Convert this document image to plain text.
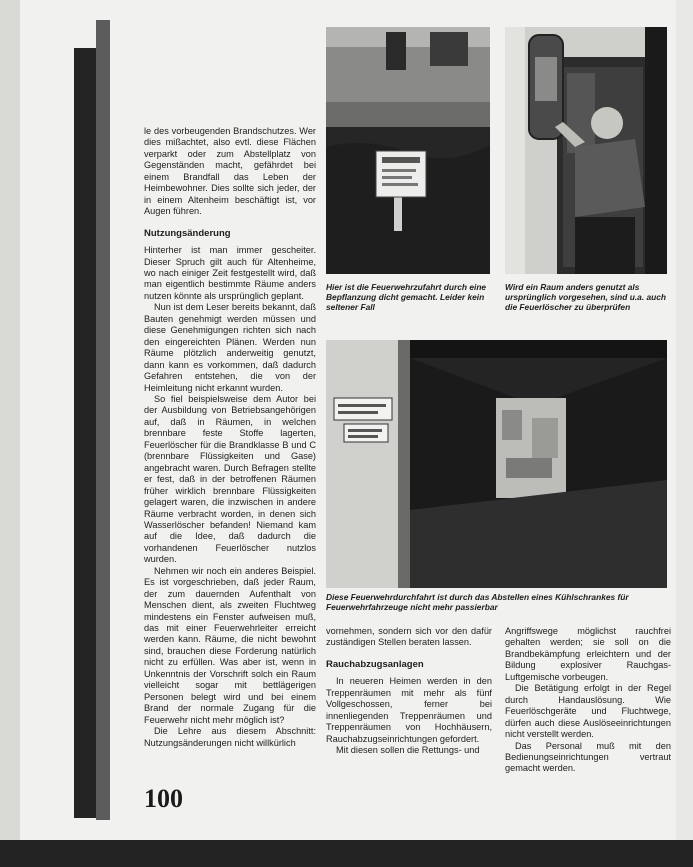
le des vorbeugenden Brandschutzes. Wer dies mißachtet, also evtl. diese Flächen verparkt oder zum Abstellplatz von Gegenständen macht, gefährdet bei einem Brandfall das Leben der Heimbewohner. Dies sollte sich jeder, der in einem Altenheim beschäftigt ist, vor Augen führen.

Nutzungsänderung

Hinterher ist man immer gescheiter. Dieser Spruch gilt auch für Altenheime, wo nach einiger Zeit festgestellt wird, daß man eigentlich bestimmte Räume anders nutzen könnte als ursprünglich geplant.

Nun ist dem Leser bereits bekannt, daß Bauten genehmigt werden müssen und diese Genehmigungen richten sich nach den eingereichten Plänen. Werden nun Räume plötzlich anderweitig genutzt, dann kann es vorkommen, daß dadurch Gefahren entstehen, die von der Heimleitung nicht erkannt wurden.

So fiel beispielsweise dem Autor bei der Ausbildung von Betriebsangehörigen auf, daß in Räumen, in welchen brennbare feste Stoffe lagerten, Feuerlöscher für die Brandklasse B und C (brennbare Flüssigkeiten und Gase) angebracht waren. Durch Befragen stellte er fest, daß in der betroffenen Räumen früher wirklich brennbare Flüssigkeiten gelagert waren, die inzwischen in andere Räume verbracht worden, in denen sich Wasserlöscher befanden! Niemand kam auf die Idee, daß dadurch die vorhandenen Feuerlöscher nutzlos wurden.

Nehmen wir noch ein anderes Beispiel. Es ist vorgeschrieben, daß jeder Raum, der zum dauernden Aufenthalt von Menschen dient, als zweiten Fluchtweg mindestens ein Fenster aufweisen muß, das mit einer Feuerwehrleiter erreicht werden kann. Räume, die nicht bewohnt sind, brauchen diese Forderung natürlich nicht zu erfüllen. Was aber ist, wenn in Unkenntnis der Vorschrift solch ein Raum vielleicht sogar mit bettlägerigen Personen belegt wird und bei einem Brand der normale Zugang für die Feuerwehr nicht mehr möglich ist?

Die Lehre aus diesem Abschnitt: Nutzungsänderungen nicht willkürlich

Hier ist die Feuerwehrzufahrt durch eine Bepflanzung dicht gemacht. Leider kein seltener Fall
Wird ein Raum anders genutzt als ursprünglich vorgesehen, sind u.a. auch die Feuerlöscher zu überprüfen
Diese Feuerwehrdurchfahrt ist durch das Abstellen eines Kühlschrankes für Feuerwehrfahrzeuge nicht mehr passierbar

vornehmen, sondern sich vor den dafür zuständigen Stellen beraten lassen.

Rauchabzugsanlagen

In neueren Heimen werden in den Treppenräumen mit mehr als fünf Vollgeschossen, ferner bei innenliegenden Treppenräumen und Treppenräumen von Hochhäusern, Rauchabzugseinrichtungen gefordert.

Mit diesen sollen die Rettungs- und

Angriffswege möglichst rauchfrei gehalten werden; sie soll on die Brandbekämpfung erleichtern und der Bildung explosiver Rauchgas-Luftgemische vorbeugen.

Die Betätigung erfolgt in der Regel durch Handauslösung. Wie Feuerlöschgeräte und Fluchtwege, dürfen auch diese Auslöseeinrichtungen nicht verstellt werden.

Das Personal muß mit den Bedienungseinrichtungen vertraut gemacht werden.

100
